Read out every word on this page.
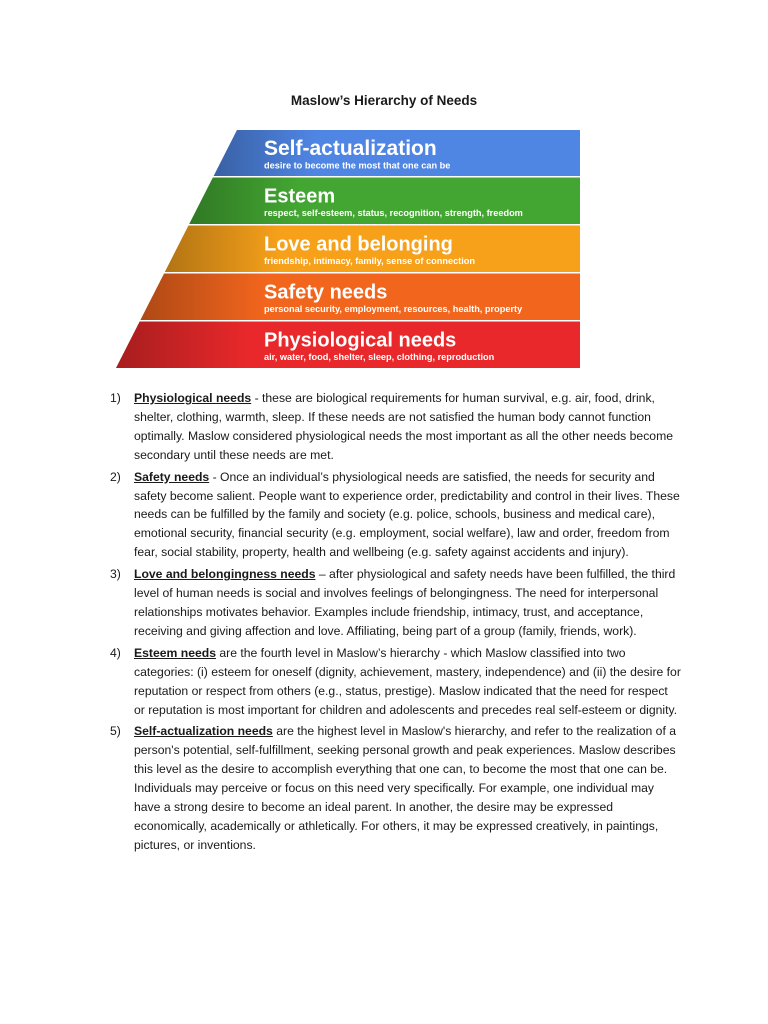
Maslow’s Hierarchy of Needs
Self-actualization
desire to become the most that one can be
Esteem
respect, self-esteem, status, recognition, strength, freedom
Love and belonging
friendship, intimacy, family, sense of connection
Safety needs
personal security, employment, resources, health, property
Physiological needs
air, water, food, shelter, sleep, clothing, reproduction
1) Physiological needs - these are biological requirements for human survival, e.g. air, food, drink, shelter, clothing, warmth, sleep. If these needs are not satisfied the human body cannot function optimally. Maslow considered physiological needs the most important as all the other needs become secondary until these needs are met.
2) Safety needs - Once an individual’s physiological needs are satisfied, the needs for security and safety become salient. People want to experience order, predictability and control in their lives. These needs can be fulfilled by the family and society (e.g. police, schools, business and medical care), emotional security, financial security (e.g. employment, social welfare), law and order, freedom from fear, social stability, property, health and wellbeing (e.g. safety against accidents and injury).
3) Love and belongingness needs – after physiological and safety needs have been fulfilled, the third level of human needs is social and involves feelings of belongingness. The need for interpersonal relationships motivates behavior. Examples include friendship, intimacy, trust, and acceptance, receiving and giving affection and love. Affiliating, being part of a group (family, friends, work).
4) Esteem needs are the fourth level in Maslow’s hierarchy - which Maslow classified into two categories: (i) esteem for oneself (dignity, achievement, mastery, independence) and (ii) the desire for reputation or respect from others (e.g., status, prestige). Maslow indicated that the need for respect or reputation is most important for children and adolescents and precedes real self-esteem or dignity.
5) Self-actualization needs are the highest level in Maslow's hierarchy, and refer to the realization of a person's potential, self-fulfillment, seeking personal growth and peak experiences. Maslow describes this level as the desire to accomplish everything that one can, to become the most that one can be. Individuals may perceive or focus on this need very specifically. For example, one individual may have a strong desire to become an ideal parent. In another, the desire may be expressed economically, academically or athletically. For others, it may be expressed creatively, in paintings, pictures, or inventions.
